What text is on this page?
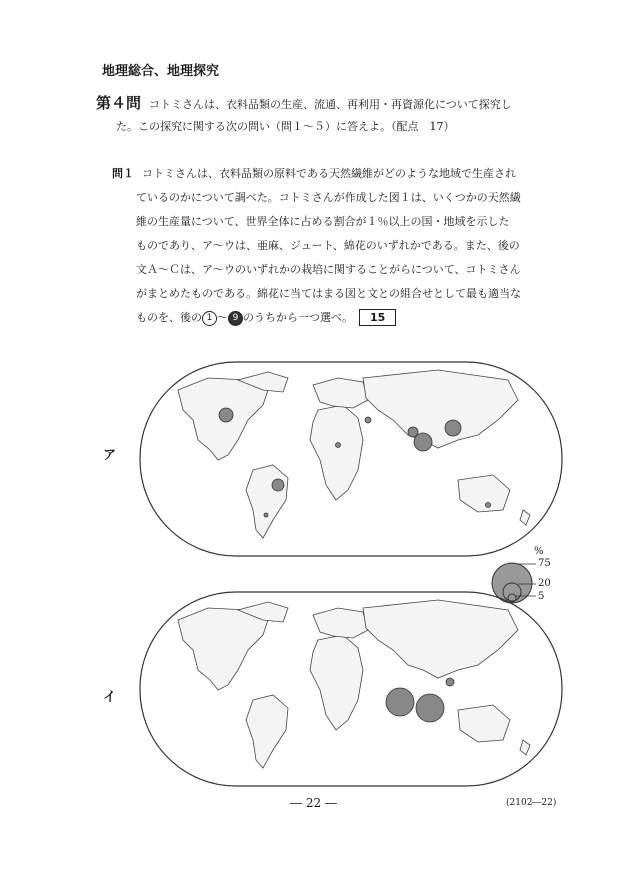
地理総合、地理探究
第４問 コトミさんは、衣料品類の生産、流通、再利用・再資源化について探究し
た。この探究に関する次の問い（問１～５）に答えよ。（配点　17）
問１ コトミさんは、衣料品類の原料である天然繊維がどのような地域で生産され
ているのかについて調べた。コトミさんが作成した図１は、いくつかの天然繊
維の生産量について、世界全体に占める割合が１％以上の国・地域を示した
ものであり、ア～ウは、亜麻、ジュート、綿花のいずれかである。また、後の
文Ａ～Ｃは、ア～ウのいずれかの栽培に関することがらについて、コトミさん
がまとめたものである。綿花に当てはまる図と文との組合せとして最も適当な
ものを、後の 1 ～ 9 のうちから一つ選べ。 15
ア
%
75
20
5
イ
― 22 ―	(2102―22)
